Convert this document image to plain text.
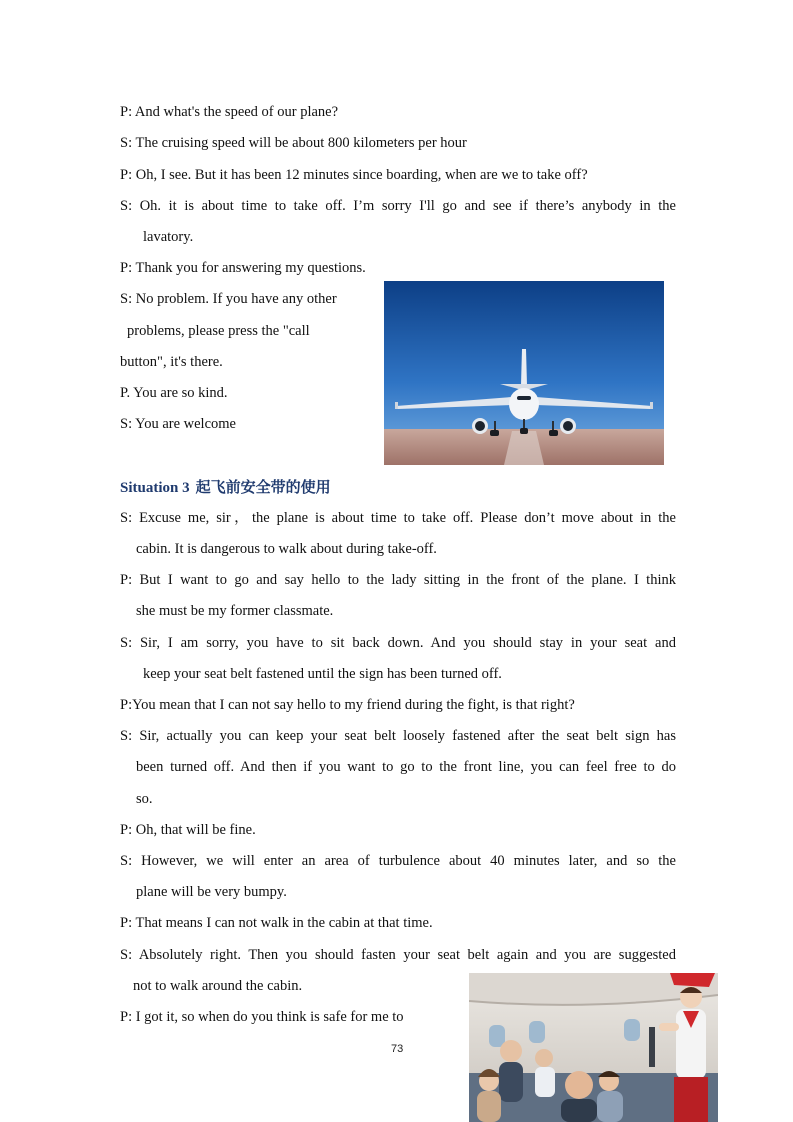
P: And what's the speed of our plane?
S: The cruising speed will be about 800 kilometers per hour
P: Oh, I see. But it has been 12 minutes since boarding, when are we to take off?
S: Oh. it is about time to take off. I’m sorry I'll go and see if there’s anybody in the
lavatory.
P: Thank you for answering my questions.
S: No problem. If you have any other
problems, please press the "call
button", it's there.
P. You are so kind.
S: You are welcome
Situation 3 起飞前安全带的使用
S: Excuse me, sir，the plane is about time to take off. Please don’t move about in the
cabin. It is dangerous to walk about during take-off.
P: But I want to go and say hello to the lady sitting in the front of the plane. I think
she must be my former classmate.
S: Sir, I am sorry, you have to sit back down. And you should stay in your seat and
keep your seat belt fastened until the sign has been turned off.
P:You mean that I can not say hello to my friend during the fight, is that right?
S: Sir, actually you can keep your seat belt loosely fastened after the seat belt sign has
been turned off. And then if you want to go to the front line, you can feel free to do
so.
P: Oh, that will be fine.
S: However, we will enter an area of turbulence about 40 minutes later, and so the
plane will be very bumpy.
P: That means I can not walk in the cabin at that time.
S: Absolutely right. Then you should fasten your seat belt again and you are suggested
not to walk around the cabin.
P: I got it, so when do you think is safe for me to
73
